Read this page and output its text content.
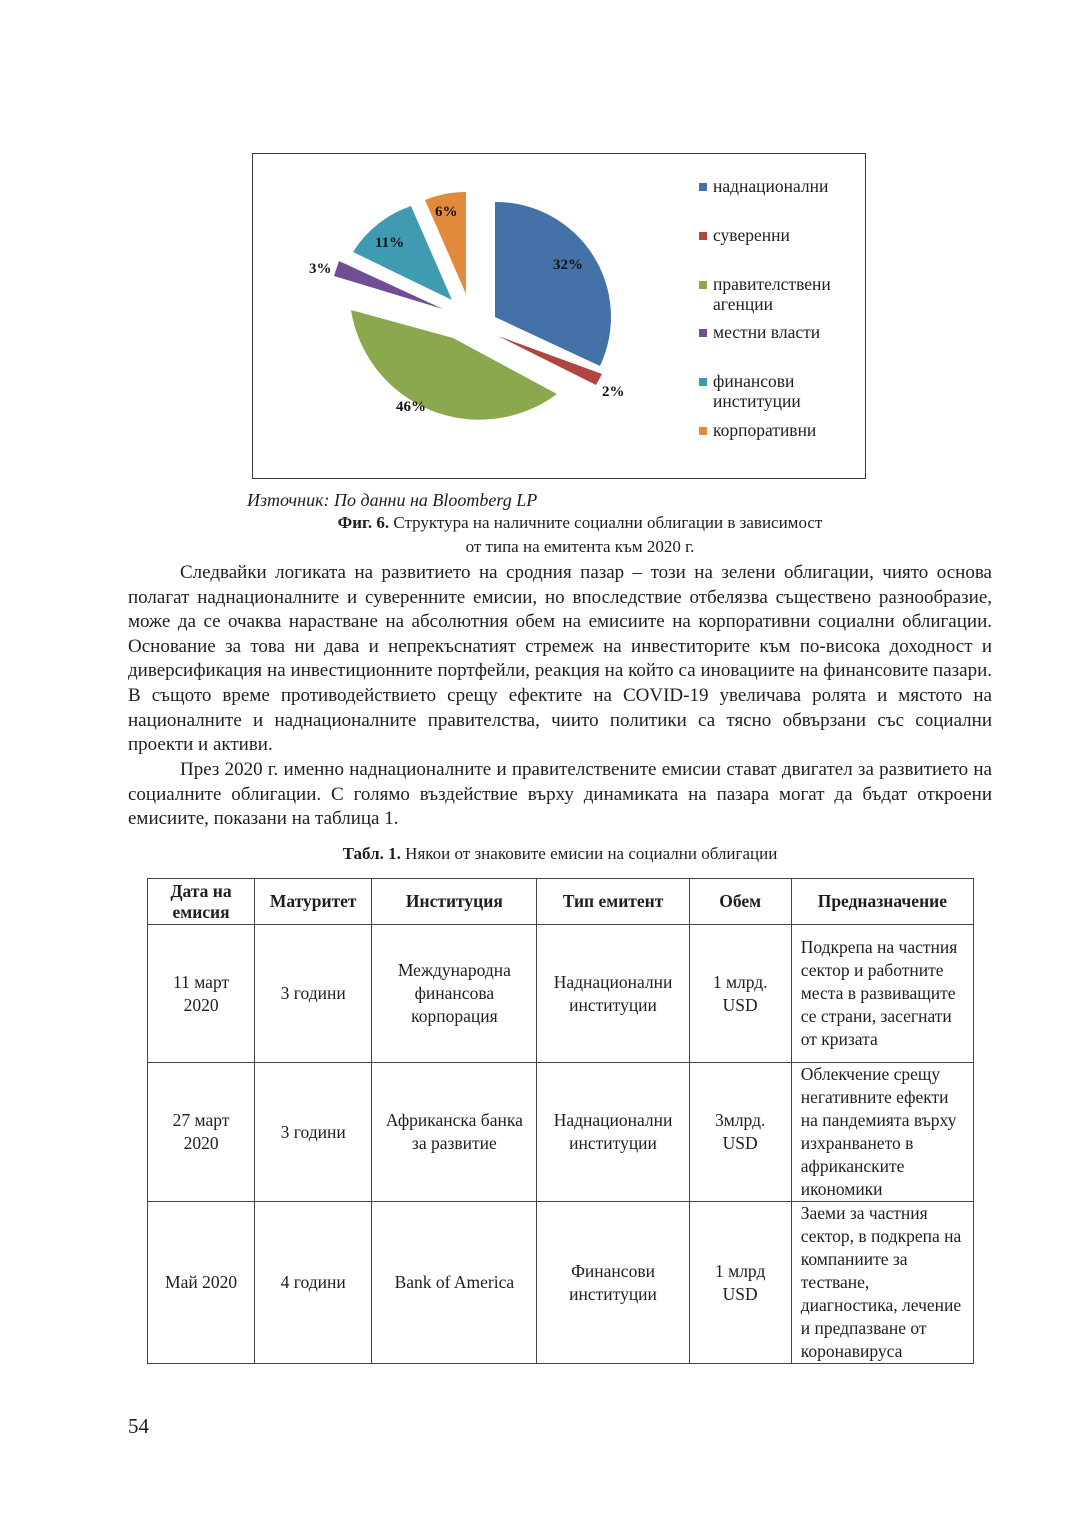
32%
2%
46%
3%
11%
6%
наднационални
суверенни
правителствени
агенции
местни власти
финансови
институции
корпоративни
Източник: По данни на Bloomberg LP
Фиг. 6. Структура на наличните социални облигации в зависимост
от типа на емитента към 2020 г.

Следвайки логиката на развитието на сродния пазар – този на зелени облигации, чиято основа полагат наднационалните и суверенните емисии, но впоследствие отбелязва съществено разнообразие, може да се очаква нарастване на абсолютния обем на емисиите на корпоративни социални облигации. Основание за това ни дава и непрекъснатият стремеж на инвеститорите към по-висока доходност и диверсификация на инвестиционните портфейли, реакция на който са иновациите на финансовите пазари. В същото време противодействието срещу ефектите на COVID-19 увеличава ролята и мястото на националните и наднационалните правителства, чиито политики са тясно обвързани със социални проекти и активи.

През 2020 г. именно наднационалните и правителствените емисии стават двигател за развитието на социалните облигации. С голямо въздействие върху динамиката на пазара могат да бъдат откроени емисиите, показани на таблица 1.

Табл. 1. Някои от знаковите емисии на социални облигации
Дата на емисия	Матуритет	Институция	Тип емитент	Обем	Предназначение
11 март 2020	3 години	Международна финансова корпорация	Наднационални институции	1 млрд. USD	Подкрепа на частния сектор и работните места в развиващите се страни, засегнати от кризата
27 март 2020	3 години	Африканска банка за развитие	Наднационални институции	3млрд. USD	Облекчение срещу негативните ефекти на пандемията върху изхранването в африканските икономики
Май 2020	4 години	Bank of America	Финансови институции	1 млрд USD	Заеми за частния сектор, в подкрепа на компаниите за тестване, диагностика, лечение и предпазване от коронавируса
54
